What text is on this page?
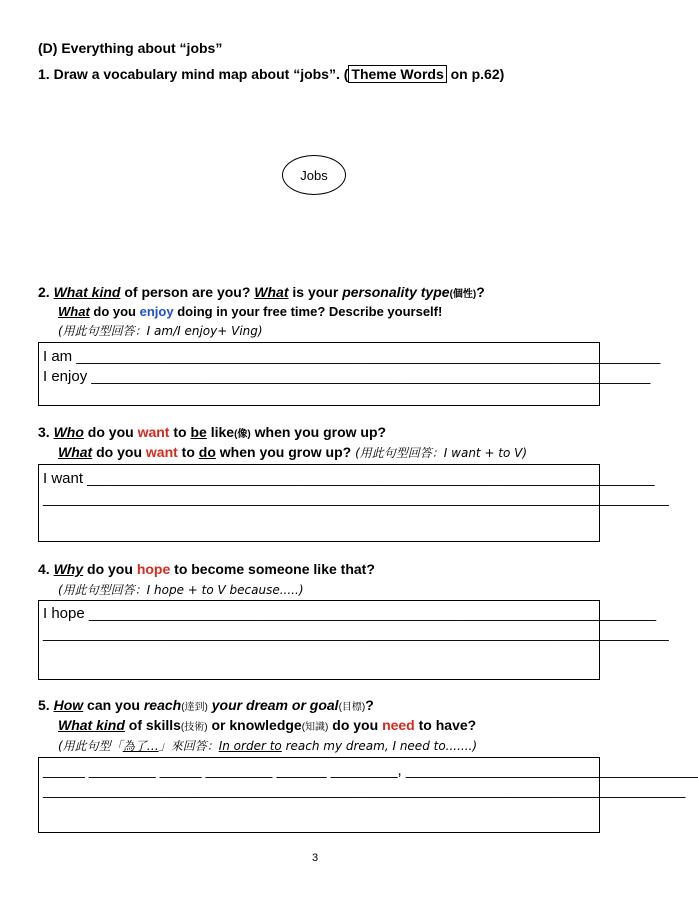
(D) Everything about “jobs”
1. Draw a vocabulary mind map about “jobs”. ( Theme Words on p.62)
Jobs
2. What kind of person are you? What is your personality type(個性)?
What do you enjoy doing in your free time? Describe yourself!
(用此句型回答：I am/I enjoy+ Ving)
I am ______________________________________________________________________
I enjoy ___________________________________________________________________
3. Who do you want to be like(像) when you grow up?
What do you want to do when you grow up? (用此句型回答：I want + to V)
I want ____________________________________________________________________
___________________________________________________________________________
4. Why do you hope to become someone like that?
(用此句型回答：I hope + to V because.....)
I hope ____________________________________________________________________
___________________________________________________________________________
5. How can you reach(達到) your dream or goal(目標)?
What kind of skills(技術) or knowledge(知識) do you need to have?
(用此句型「為了…」來回答：In order to reach my dream, I need to.......)
_____ ________ _____ ________ ______ ________, ___________________________________
_____________________________________________________________________________
3
